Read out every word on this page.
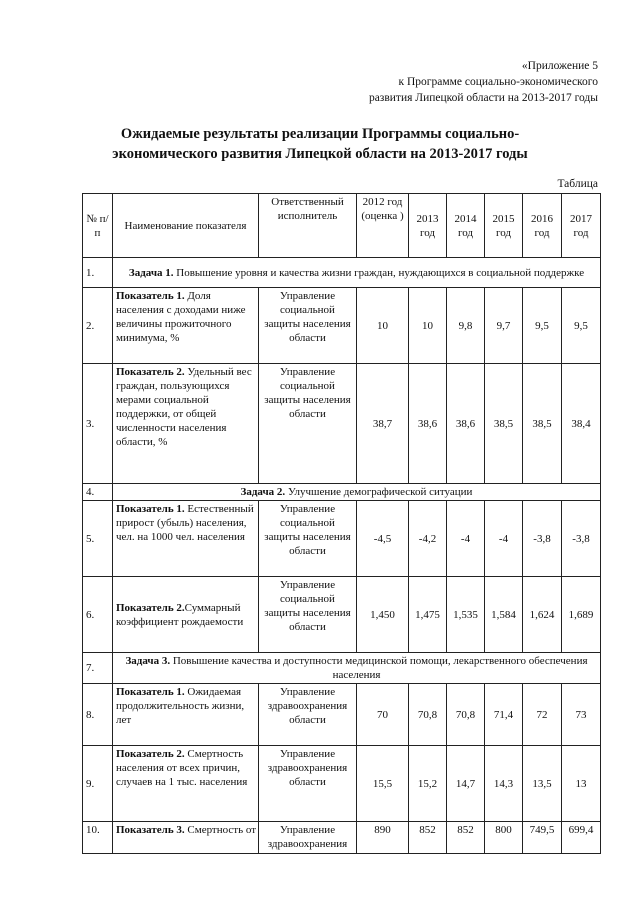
«Приложение 5
к Программе социально-экономического
развития Липецкой области на 2013-2017 годы
Ожидаемые результаты реализации Программы социально-
экономического развития Липецкой области на 2013-2017 годы
Таблица
№ п/ п	Наименование показателя	Ответственный исполнитель	2012 год (оценка )	2013 год	2014 год	2015 год	2016 год	2017 год
1.	Задача 1. Повышение уровня и качества жизни граждан, нуждающихся в социальной поддержке							
2.	Показатель 1. Доля населения с доходами ниже величины прожиточного минимума, %	Управление социальной защиты населения области	10	10	9,8	9,7	9,5	9,5
3.	Показатель 2. Удельный вес граждан, пользующихся мерами социальной поддержки, от общей численности населения области, %	Управление социальной защиты населения области	38,7	38,6	38,6	38,5	38,5	38,4
4.	Задача 2. Улучшение демографической ситуации							
5.	Показатель 1. Естественный прирост (убыль) населения, чел. на 1000 чел. населения	Управление социальной защиты населения области	-4,5	-4,2	-4	-4	-3,8	-3,8
6.	Показатель 2.Суммарный коэффициент рождаемости	Управление социальной защиты населения области	1,450	1,475	1,535	1,584	1,624	1,689
7.	Задача 3. Повышение качества и доступности медицинской помощи, лекарственного обеспечения населения							
8.	Показатель 1. Ожидаемая продолжительность жизни, лет	Управление здравоохранения области	70	70,8	70,8	71,4	72	73
9.	Показатель 2. Смертность населения от всех причин, случаев на 1 тыс. населения	Управление здравоохранения области	15,5	15,2	14,7	14,3	13,5	13
10.	Показатель 3. Смертность от	Управление здравоохранения	890	852	852	800	749,5	699,4
